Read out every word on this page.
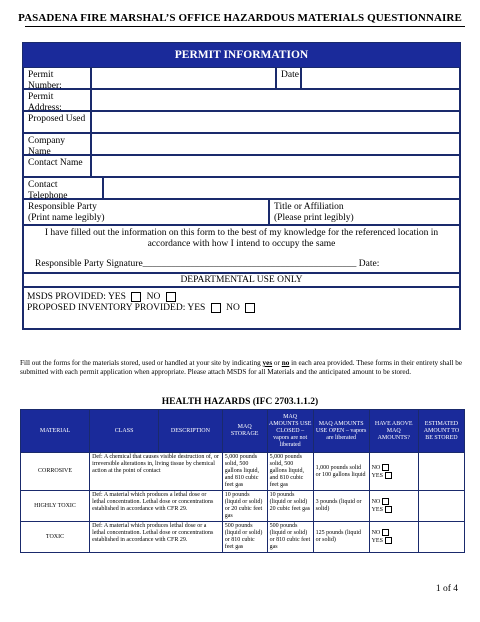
PASADENA FIRE MARSHAL’S OFFICE HAZARDOUS MATERIALS QUESTIONNAIRE
PERMIT INFORMATION
Permit Number:
Date
Permit Address:
Proposed Used
Company Name
Contact Name
Contact Telephone
Responsible Party
(Print name legibly)
Title or Affiliation
(Please print legibly)
I have filled out the information on this form to the best of my knowledge for the referenced location in accordance with how I intend to occupy the same
Responsible Party Signature_____________________________________________ Date:
DEPARTMENTAL USE ONLY
MSDS PROVIDED: YES NO
PROPOSED INVENTORY PROVIDED: YES NO
Fill out the forms for the materials stored, used or handled at your site by indicating yes or no in each area provided. These forms in their entirety shall be submitted with each permit application when appropriate. Please attach MSDS for all Materials and the anticipated amount to be stored.
HEALTH HAZARDS (IFC 2703.1.1.2)
MATERIAL	CLASS	DESCRIPTION	MAQ STORAGE	MAQ AMOUNTS USE CLOSED – vapors are not liberated	MAQ AMOUNTS USE OPEN – vapors are liberated	HAVE ABOVE MAQ AMOUNTS?	ESTIMATED AMOUNT TO BE STORED
CORROSIVE	Def: A chemical that causes visible destruction of, or irreversible alterations in, living tissue by chemical action at the point of contact		5,000 pounds solid, 500 gallons liquid, and 810 cubic feet gas	5,000 pounds solid, 500 gallons liquid, and 810 cubic feet gas	1,000 pounds solid or 100 gallons liquid	NO
YES	

HIGHLY TOXIC	Def: A material which produces a lethal dose or lethal concentration. Lethal dose or concentrations established in accordance with CFR 29.		10 pounds (liquid or solid) or 20 cubic feet gas	10 pounds (liquid or solid) 20 cubic feet gas	3 pounds (liquid or solid)	NO
YES	

TOXIC	Def: A material which produces lethal dose or a lethal concentration. Lethal dose or concentrations established in accordance with CFR 29.		500 pounds (liquid or solid) or 810 cubic feet gas	500 pounds (liquid or solid) or 810 cubic feet gas	125 pounds (liquid or solid)	NO
YES	

1 of 4
